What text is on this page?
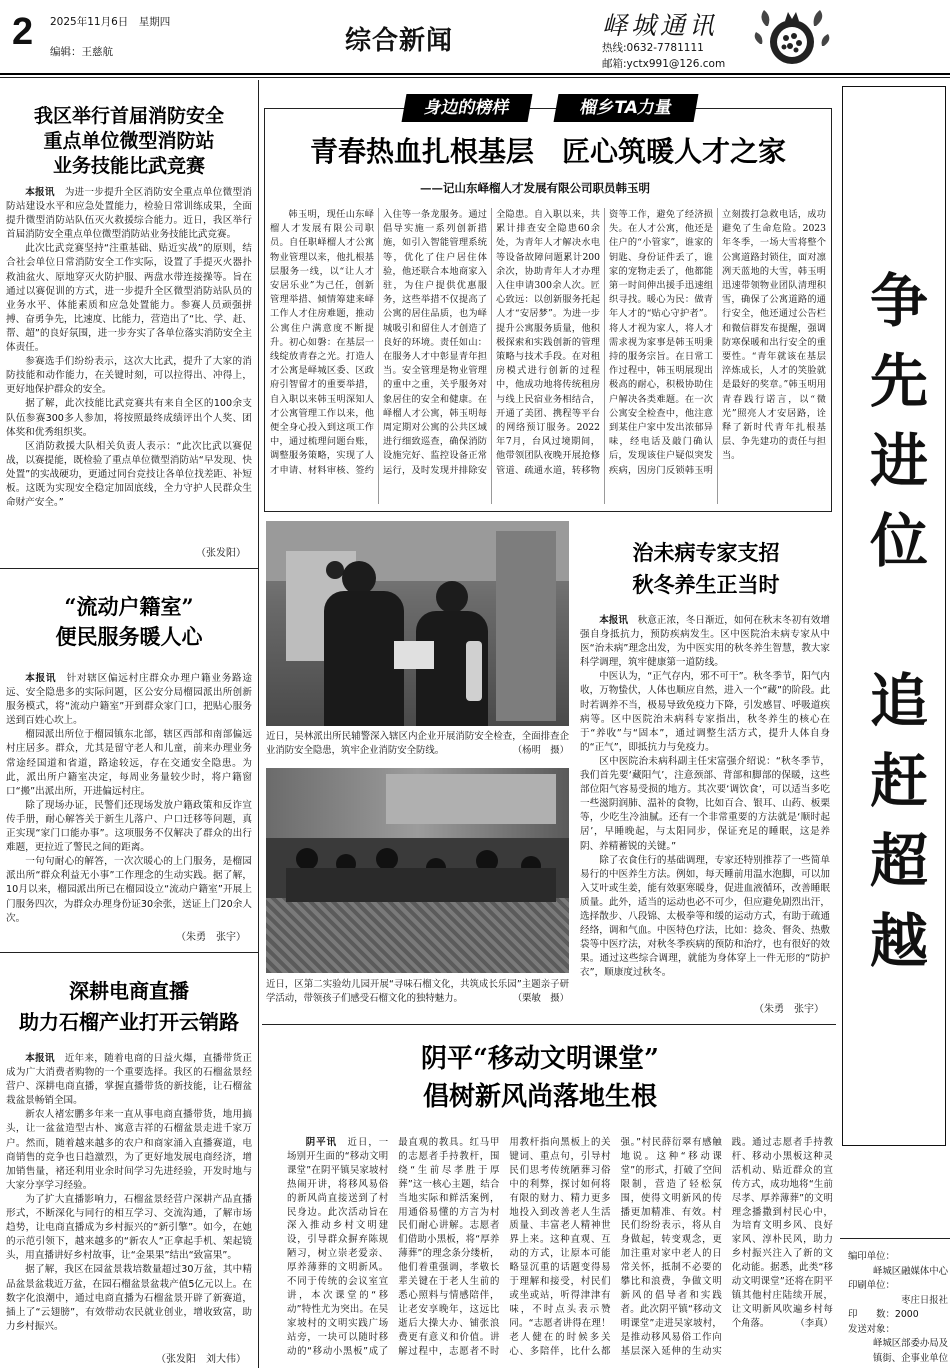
2 2025年11月6日　星期四
编辑：王慈航	综合新闻
峄城通讯
热线:0632-7781111
邮箱:yctx991@126.com
我区举行首届消防安全
重点单位微型消防站
业务技能比武竞赛

本报讯　 为进一步提升全区消防安全重点单位微型消防站建设水平和应急处置能力，检验日常训练成果，全面提升微型消防站队伍灭火救援综合能力。近日，我区举行首届消防安全重点单位微型消防站业务技能比武竞赛。

此次比武竞赛坚持“注重基础、贴近实战”的原则，结合社会单位日常消防安全工作实际，设置了手提灭火器扑救油盆火、原地穿灭火防护服、两盘水带连接操等。旨在通过以赛促训的方式，进一步提升全区微型消防站队员的业务水平、体能素质和应急处置能力。参赛人员顽强拼搏、奋勇争先，比速度、比能力，营造出了“比、学、赶、帮、超”的良好氛围，进一步夯实了各单位落实消防安全主体责任。

参赛选手们纷纷表示，这次大比武，提升了大家的消防技能和动作能力，在关键时刻，可以拉得出、冲得上，更好地保护群众的安全。

据了解，此次技能比武竞赛共有来自全区的100余支队伍参赛300多人参加，将按照最终成绩评出个人奖、团体奖和优秀组织奖。

区消防救援大队相关负责人表示：“此次比武以赛促战，以赛提能，既检验了重点单位微型消防站“早发现、快处置”的实战硬功，更通过同台竞技让各单位找差距、补短板。这既为实现安全稳定加固底线，全力守护人民群众生命财产安全。”

（张发阳）
“流动户籍室”
便民服务暖人心

本报讯　 针对辖区偏远村庄群众办理户籍业务路途远、安全隐患多的实际问题，区公安分局榴园派出所创新服务模式，将“流动户籍室”开到群众家门口，把贴心服务送到百姓心坎上。

榴园派出所位于榴园镇东北部，辖区西部和南部偏远村庄居多。群众，尤其是留守老人和儿童，前来办理业务常途经国道和省道，路途较远，存在交通安全隐患。为此，派出所户籍室决定，每周业务量较少时，将户籍窗口“搬”出派出所，开进偏远村庄。

除了现场办证，民警们还现场发放户籍政策和反诈宣传手册，耐心解答关于新生儿落户、户口迁移等问题，真正实现“家门口能办事”。这项服务不仅解决了群众的出行难题，更拉近了警民之间的距离。

一句句耐心的解答，一次次暖心的上门服务，是榴园派出所“群众利益无小事”工作理念的生动实践。据了解，10月以来，榴园派出所已在榴园设立“流动户籍室”开展上门服务四次，为群众办理身份证30余张，送证上门20余人次。

（朱勇　张宇）
深耕电商直播
助力石榴产业打开云销路

本报讯　 近年来，随着电商的日益火爆，直播带货正成为广大消费者购物的一个重要选择。我区的石榴盆景经营户、深耕电商直播，掌握直播带货的新技能，让石榴盆栽盆景畅销全国。

新农人褚宏鹏多年来一直从事电商直播带货，地用搞头，让一盆盆造型古朴、寓意吉祥的石榴盆景走进千家万户。然而，随着越来越多的农户和商家涌入直播赛道，电商销售的竞争也日趋激烈，为了更好地发展电商经济，增加销售量，褚还利用业余时间学习先进经验，开发时地与大家分享学习经验。

为了扩大直播影响力，石榴盆景经营户深耕产品直播形式，不断深化与同行的相互学习、交流沟通，了解市场趋势，让电商直播成为乡村振兴的“新引擎”。如今，在她的示范引领下，越来越多的“新农人”正拿起手机、架起镜头，用直播讲好乡村故事，让“金果果”结出“致富果”。

据了解，我区在园盆景栽培数量超过30万盆，其中精品盆景盆栽近万盆，在园石榴盆景盆栽产值5亿元以上。在数字化浪潮中，通过电商直播为石榴盆景开辟了新赛道，插上了“云翅膀”，有效带动农民就业创业，增收致富，助力乡村振兴。

（张发阳　刘大伟）
身边的榜样	榴乡TA力量
青春热血扎根基层　 匠心筑暖人才之家
——记山东峄榴人才发展有限公司职员韩玉明
韩玉明，现任山东峄榴人才发展有限公司职员。自任职峄榴人才公寓物业管理以来，他扎根基层服务一线，以“让人才安居乐业”为己任，创新管理举措、倾情筹建来峄工作人才住房难题，推动公寓住户满意度不断提升。初心如磐：在基层一线绽放青春之光。打造人才公寓是峄城区委、区政府引智留才的重要举措，自入职以来韩玉明深知人才公寓管理工作以来，他便全身心投入到这项工作中，通过梳理问题台账，调整服务策略，实现了人才申请、材料审核、签约入住等一条龙服务。通过倡导实施一系列创新措施，如引入智能管理系统等，优化了住户居住体验，他还联合本地商家入驻，为住户提供优惠服务，这些举措不仅提高了公寓的居住品质，也为峄城吸引和留住人才创造了良好的环境。责任如山：在服务人才中彰显青年担当。安全管理是物业管理的重中之重，关乎服务对象居住的安全和健康。在峄榴人才公寓，韩玉明每周定期对公寓的公共区域进行细致巡查，确保消防设施完好、监控设备正常运行，及时发现并排除安全隐患。自入职以来，共累计排查安全隐患60余处，为青年人才解决水电等设备故障问题累计200余次，协助青年人才办理入住申请300余人次。匠心致远：以创新服务托起人才“安居梦”。为进一步提升公寓服务质量，他积极探索和实践创新的管理策略与技术手段。在对租房模式进行创新的过程中，他成功地将传统租房与线上民宿业务相结合，开通了美团、携程等平台的网络预订服务。2022年7月，台风过境期间，他带领团队夜晚开展抢修管道、疏通水道，转移物资等工作，避免了经济损失。在人才公寓，他还是住户的“小管家”，谁家的钥匙、身份证件丢了，谁家的宠物走丢了，他都能第一时间伸出援手迅速组织寻找。暖心为民：做青年人才的“贴心守护者”。将人才视为家人，将人才需求视为家事是韩玉明秉持的服务宗旨。在日常工作过程中，韩玉明展现出极高的耐心，积极协助住户解决各类难题。在一次公寓安全检查中，他注意到某住户家中发出浓郁异味，经电话及敲门确认后，发现该住户疑似突发疾病，因房门反锁韩玉明立刻拨打急救电话，成功避免了生命危险。2023年冬季，一场大雪将整个公寓道路封锁住，面对凛冽天蓝地的大雪，韩玉明迅速带领物业团队清理积雪，确保了公寓道路的通行安全，他还通过公告栏和微信群发布提醒，强调防寒保暖和出行安全的重要性。“青年就该在基层淬炼成长，人才的笑脸就是最好的奖章。”韩玉明用青春践行诺言，以“微光”照亮人才安居路，诠释了新时代青年扎根基层、争先建功的责任与担当。
近日，吴林派出所民辅警深入辖区内企业开展消防安全检查，全面排查企业消防安全隐患，筑牢企业消防安全防线。	（杨明　摄）
近日，区第二实验幼儿园开展“寻味石榴文化，共筑成长乐园”主题亲子研学活动，带领孩子们感受石榴文化的独特魅力。	（栗敏　摄）
治未病专家支招
秋冬养生正当时

本报讯　 秋意正浓，冬日渐近，如何在秋末冬初有效增强自身抵抗力，预防疾病发生。区中医院治未病专家从中医“治未病”理念出发，为中医实用的秋冬养生智慧，教大家科学调理，筑牢健康第一道防线。

中医认为，“正气存内，邪不可干”。秋冬季节，阳气内收，万物蛰伏，人体也顺应自然，进入一个“藏”的阶段。此时若调养不当，极易导致免疫力下降，引发感冒、呼吸道疾病等。区中医院治未病科专家指出，秋冬养生的核心在于“养收”与“固本”，通过调整生活方式，提升人体自身的“正气”，即抵抗力与免疫力。

区中医院治未病科副主任宋富强介绍说：“秋冬季节，我们首先要‘藏阳气’，注意颈部、背部和脚部的保暖，这些部位阳气容易受损的地方。其次要‘调饮食’，可以适当多吃一些滋阴润肺、温补的食物，比如百合、银耳、山药、板栗等，少吃生冷油腻。还有一个非常重要的方法就是‘顺时起居’，早睡晚起，与太阳同步，保证充足的睡眠，这是养阴、养精蓄锐的关键。”

除了衣食住行的基础调理，专家还特别推荐了一些简单易行的中医养生方法。例如，每天睡前用温水泡脚，可以加入艾叶或生姜，能有效驱寒暖身，促进血液循环，改善睡眠质量。此外，适当的运动也必不可少，但应避免剧烈出汗，选择散步、八段锦、太极拳等和缓的运动方式，有助于疏通经络，调和气血。中医特色疗法，比如：捻灸、督灸、热敷袋等中医疗法，对秋冬季疾病的预防和治疗，也有很好的效果。通过这些综合调理，就能为身体穿上一件无形的“防护衣”，顺康度过秋冬。

（朱勇　张宇）
阴平“移动文明课堂”
倡树新风尚落地生根
阴平讯　 近日，一场别开生面的“移动文明课堂”在阴平镇吴家坡村热闹开讲，将移风易俗的新风尚直接送到了村民身边。此次活动旨在深入推动乡村文明建设，引导群众摒弃陈规陋习，树立崇老爱亲、厚养薄葬的文明新风。不同于传统的会议室宣讲，本次课堂的“移动”特性尤为突出。在吴家坡村的文明实践广场站旁，一块可以随时移动的“移动小黑板”成了最直观的教具。红马甲的志愿者手持教杆，围绕“生前尽孝胜于厚葬”这一核心主题，结合当地实际和鲜活案例，用通俗易懂的方言为村民们耐心讲解。志愿者们借助小黑板，将“厚养薄葬”的理念条分缕析，他们着重强调，孝敬长辈关键在于老人生前的悉心照料与情感陪伴，让老安享晚年，这远比逝后大操大办、铺张浪费更有意义和价值。讲解过程中，志愿者不时用教杆指向黑板上的关键词、重点句，引导村民们思考传统陋葬习俗中的利弊，探讨如何将有限的财力、精力更多地投入到改善老人生活质量、丰富老人精神世界上来。这种直观、互动的方式，让原本可能略显沉重的话题变得易于理解和接受，村民们或坐或站，听得津津有味，不时点头表示赞同。“志愿者讲得在理！老人健在的时候多关心、多陪伴，比什么都强。”村民薛衍翠有感触地说。这种“移动课堂”的形式，打破了空间限制，营造了轻松氛围，使得文明新风的传播更加精准、有效。村民们纷纷表示，将从自身做起，转变观念，更加注重对家中老人的日常关怀，抵制不必要的攀比和浪费，争做文明新风的倡导者和实践者。此次阴平镇“移动文明课堂”走进吴家坡村，是推动移风易俗工作向基层深入延伸的生动实践。通过志愿者手持教杆、移动小黑板这种灵活机动、贴近群众的宣传方式，成功地将“生前尽孝、厚养薄葬”的文明理念播撒到村民心中，为培育文明乡风、良好家风、淳朴民风，助力乡村振兴注入了新的文化动能。据悉，此类“移动文明课堂”还将在阴平镇其他村庄陆续开展，让文明新风吹遍乡村每个角落。	（李真）
争先进位　追赶超越
编印单位：
峄城区融媒体中心
印刷单位：
枣庄日报社
印　　数：2000
发送对象：
峄城区部委办局及
镇街、企事业单位
